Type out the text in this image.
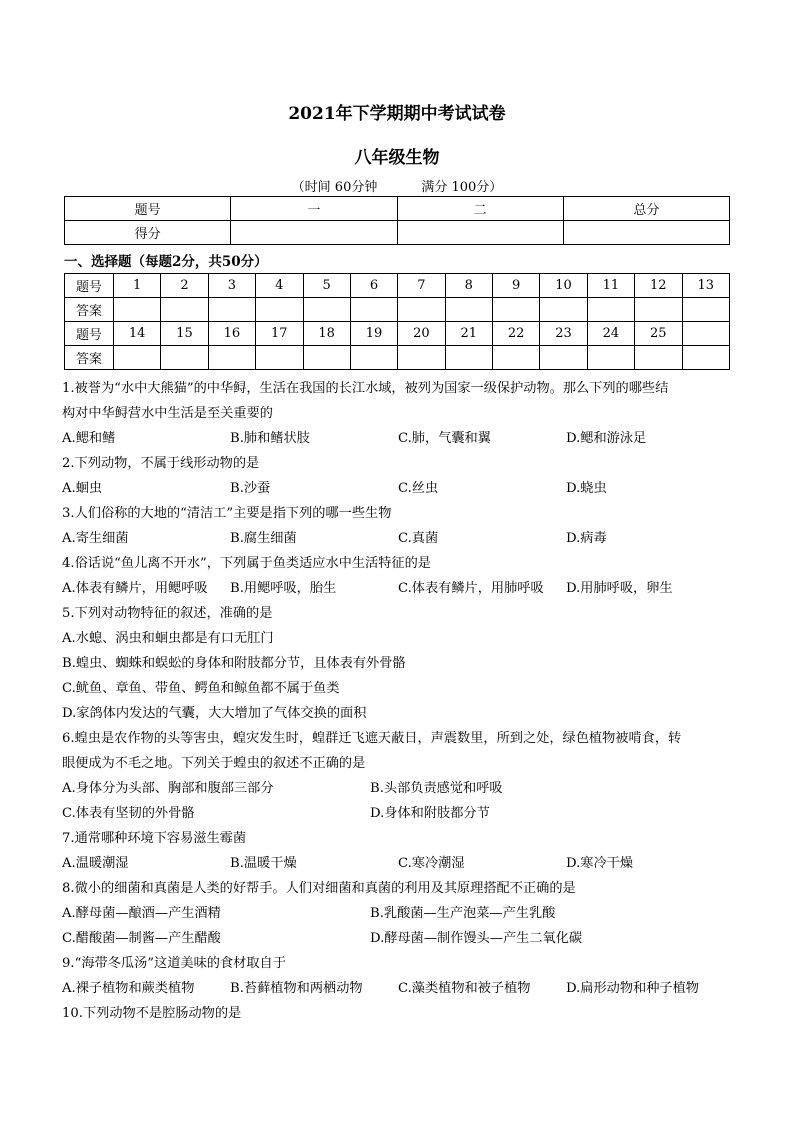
2021年下学期期中考试试卷
八年级生物
（时间 60分钟	满分 100分）
题号	一	二	总分
得分			
一、选择题（每题2分，共50分）
题号	1	2	3	4	5	6	7	8	9	10	11	12	13
答案													
题号	14	15	16	17	18	19	20	21	22	23	24	25	
答案													
1.被誉为“水中大熊猫”的中华鲟，生活在我国的长江水域，被列为国家一级保护动物。那么下列的哪些结
构对中华鲟营水中生活是至关重要的
A.鳃和鳍	B.肺和鳍状肢	C.肺，气囊和翼	D.鳃和游泳足
2.下列动物，不属于线形动物的是
A.蛔虫	B.沙蚕	C.丝虫	D.蛲虫
3.人们俗称的大地的“清洁工”主要是指下列的哪一些生物
A.寄生细菌	B.腐生细菌	C.真菌	D.病毒
4.俗话说“鱼儿离不开水”，下列属于鱼类适应水中生活特征的是
A.体表有鳞片，用鳃呼吸 B.用鳃呼吸，胎生	C.体表有鳞片，用肺呼吸 D.用肺呼吸，卵生
5.下列对动物特征的叙述，准确的是
A.水螅、涡虫和蛔虫都是有口无肛门
B.蝗虫、蜘蛛和蜈蚣的身体和附肢都分节，且体表有外骨骼
C.鱿鱼、章鱼、带鱼、鳄鱼和鲸鱼都不属于鱼类
D.家鸽体内发达的气囊，大大增加了气体交换的面积
6.蝗虫是农作物的头等害虫，蝗灾发生时，蝗群迁飞遮天蔽日，声震数里，所到之处，绿色植物被啃食，转
眼便成为不毛之地。下列关于蝗虫的叙述不正确的是
A.身体分为头部、胸部和腹部三部分	B.头部负责感觉和呼吸
C.体表有坚韧的外骨骼	D.身体和附肢都分节
7.通常哪种环境下容易滋生霉菌
A.温暖潮湿	B.温暖干燥	C.寒冷潮湿	D.寒冷干燥
8.微小的细菌和真菌是人类的好帮手。人们对细菌和真菌的利用及其原理搭配不正确的是
A.酵母菌—酿酒—产生酒精	B.乳酸菌—生产泡菜—产生乳酸
C.醋酸菌—制酱—产生醋酸	D.酵母菌—制作馒头—产生二氧化碳
9.“海带冬瓜汤”这道美味的食材取自于
A.裸子植物和蕨类植物	B.苔藓植物和两栖动物	C.藻类植物和被子植物	D.扁形动物和种子植物
10.下列动物不是腔肠动物的是
